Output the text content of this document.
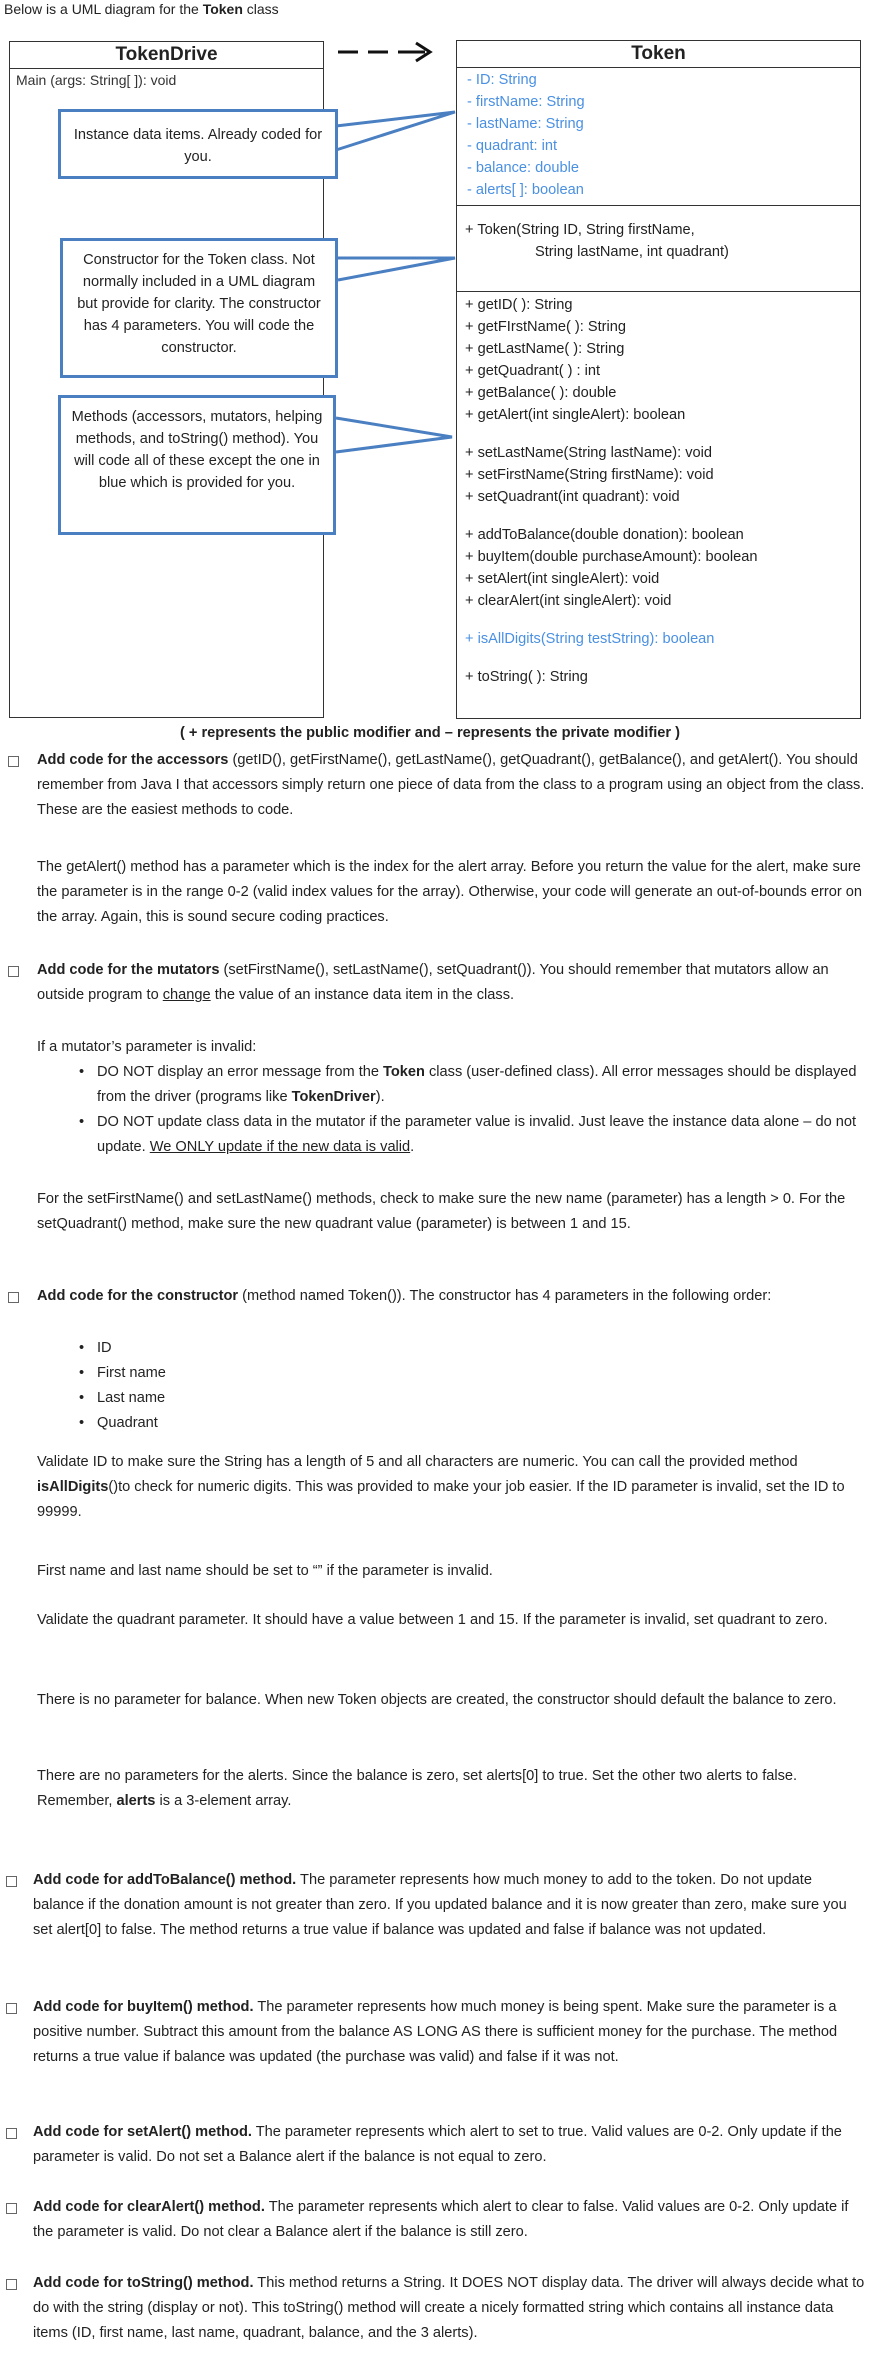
Below is a UML diagram for the Token class
TokenDrive
Main (args: String[ ]): void
Token
- ID: String
- firstName: String
- lastName: String
- quadrant: int
- balance: double
- alerts[ ]: boolean
+ Token(String ID, String firstName,
String lastName, int quadrant)
+ getID( ): String
+ getFIrstName( ): String
+ getLastName( ): String
+ getQuadrant( ) : int
+ getBalance( ): double
+ getAlert(int singleAlert): boolean
+ setLastName(String lastName): void
+ setFirstName(String firstName): void
+ setQuadrant(int quadrant): void
+ addToBalance(double donation): boolean
+ buyItem(double purchaseAmount): boolean
+ setAlert(int singleAlert): void
+ clearAlert(int singleAlert): void
+ isAllDigits(String testString): boolean
+ toString( ): String
Instance data items. Already coded for you.
Constructor for the Token class. Not normally included in a UML diagram but provide for clarity. The constructor has 4 parameters. You will code the constructor.
Methods (accessors, mutators, helping methods, and toString() method). You will code all of these except the one in blue which is provided for you.
( + represents the public modifier and – represents the private modifier )
Add code for the accessors (getID(), getFirstName(), getLastName(), getQuadrant(), getBalance(), and getAlert(). You should remember from Java I that accessors simply return one piece of data from the class to a program using an object from the class. These are the easiest methods to code.
The getAlert() method has a parameter which is the index for the alert array. Before you return the value for the alert, make sure the parameter is in the range 0-2 (valid index values for the array). Otherwise, your code will generate an out-of-bounds error on the array. Again, this is sound secure coding practices.
Add code for the mutators (setFirstName(), setLastName(), setQuadrant()). You should remember that mutators allow an outside program to change the value of an instance data item in the class.
If a mutator’s parameter is invalid:
• DO NOT display an error message from the Token class (user-defined class). All error messages should be displayed from the driver (programs like TokenDriver).
• DO NOT update class data in the mutator if the parameter value is invalid. Just leave the instance data alone – do not update. We ONLY update if the new data is valid.
For the setFirstName() and setLastName() methods, check to make sure the new name (parameter) has a length > 0. For the setQuadrant() method, make sure the new quadrant value (parameter) is between 1 and 15.
Add code for the constructor (method named Token()). The constructor has 4 parameters in the following order:
ID
First name
Last name
Quadrant
•
•
•
•
Validate ID to make sure the String has a length of 5 and all characters are numeric. You can call the provided method isAllDigits()to check for numeric digits. This was provided to make your job easier. If the ID parameter is invalid, set the ID to 99999.
First name and last name should be set to “” if the parameter is invalid.
Validate the quadrant parameter. It should have a value between 1 and 15. If the parameter is invalid, set quadrant to zero.
There is no parameter for balance. When new Token objects are created, the constructor should default the balance to zero.
There are no parameters for the alerts. Since the balance is zero, set alerts[0] to true. Set the other two alerts to false. Remember, alerts is a 3-element array.
Add code for addToBalance() method. The parameter represents how much money to add to the token. Do not update balance if the donation amount is not greater than zero. If you updated balance and it is now greater than zero, make sure you set alert[0] to false. The method returns a true value if balance was updated and false if balance was not updated.
Add code for buyItem() method. The parameter represents how much money is being spent. Make sure the parameter is a positive number. Subtract this amount from the balance AS LONG AS there is sufficient money for the purchase. The method returns a true value if balance was updated (the purchase was valid) and false if it was not.
Add code for setAlert() method. The parameter represents which alert to set to true. Valid values are 0-2. Only update if the parameter is valid. Do not set a Balance alert if the balance is not equal to zero.
Add code for clearAlert() method. The parameter represents which alert to clear to false. Valid values are 0-2. Only update if the parameter is valid. Do not clear a Balance alert if the balance is still zero.
Add code for toString() method. This method returns a String. It DOES NOT display data. The driver will always decide what to do with the string (display or not). This toString() method will create a nicely formatted string which contains all instance data items (ID, first name, last name, quadrant, balance, and the 3 alerts).
